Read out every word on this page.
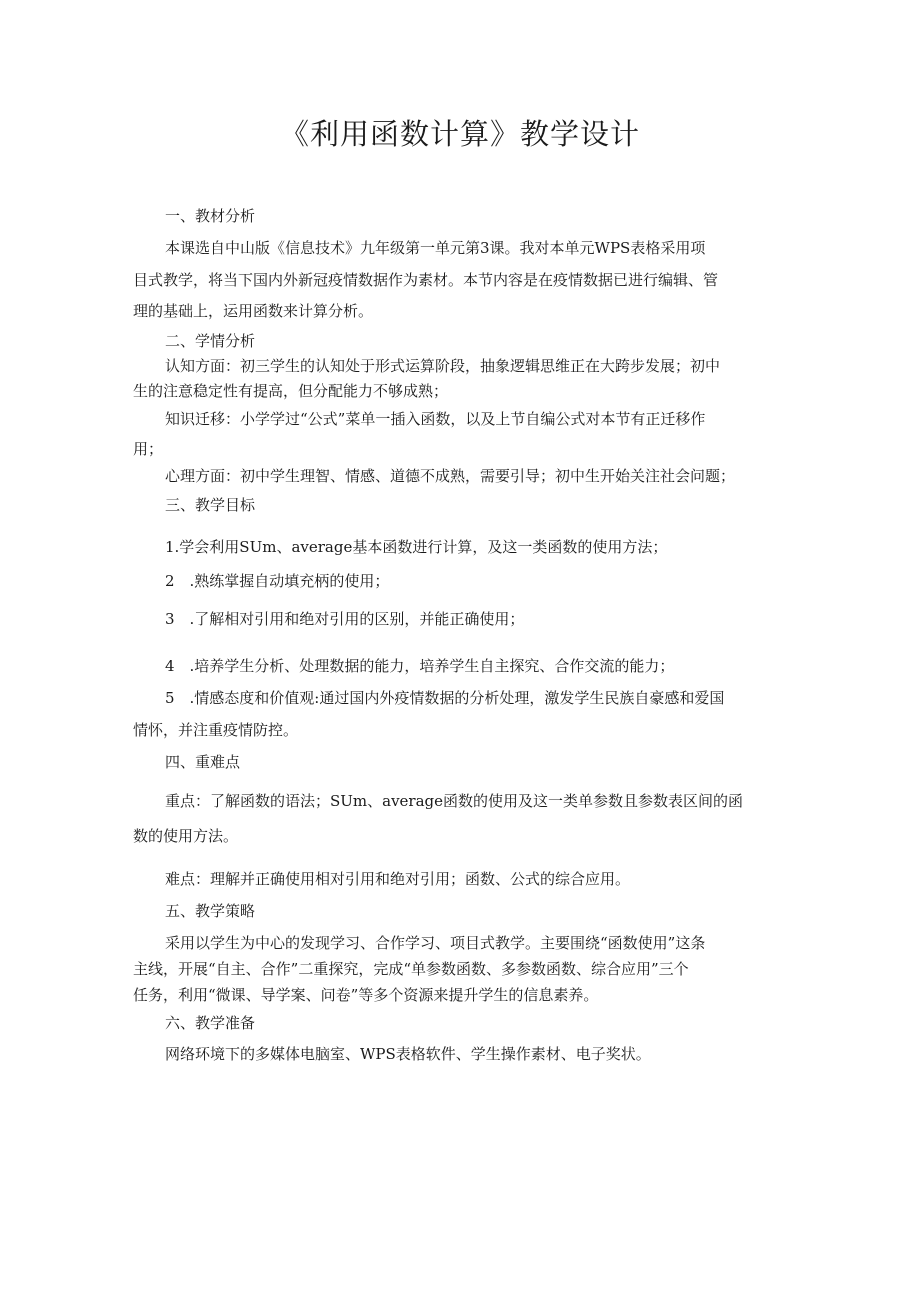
《利用函数计算》教学设计

一、教材分析

本课选自中山版《信息技术》九年级第一单元第3课。我对本单元WPS表格采用项

目式教学，将当下国内外新冠疫情数据作为素材。本节内容是在疫情数据已进行编辑、管

理的基础上，运用函数来计算分析。

二、学情分析

认知方面：初三学生的认知处于形式运算阶段，抽象逻辑思维正在大跨步发展；初中

生的注意稳定性有提高，但分配能力不够成熟；

知识迁移：小学学过“公式”菜单一插入函数，以及上节自编公式对本节有正迁移作

用；

心理方面：初中学生理智、情感、道德不成熟，需要引导；初中生开始关注社会问题；

三、教学目标

1.学会利用SUm、average基本函数进行计算，及这一类函数的使用方法；

2　.熟练掌握自动填充柄的使用；

3　.了解相对引用和绝对引用的区别，并能正确使用；

4　.培养学生分析、处理数据的能力，培养学生自主探究、合作交流的能力；

5　.情感态度和价值观:通过国内外疫情数据的分析处理，激发学生民族自豪感和爱国

情怀，并注重疫情防控。

四、重难点

重点：了解函数的语法；SUm、average函数的使用及这一类单参数且参数表区间的函

数的使用方法。

难点：理解并正确使用相对引用和绝对引用；函数、公式的综合应用。

五、教学策略

采用以学生为中心的发现学习、合作学习、项目式教学。主要围绕“函数使用”这条

主线，开展“自主、合作”二重探究，完成“单参数函数、多参数函数、综合应用”三个

任务，利用“微课、导学案、问卷”等多个资源来提升学生的信息素养。

六、教学准备

网络环境下的多媒体电脑室、WPS表格软件、学生操作素材、电子奖状。
